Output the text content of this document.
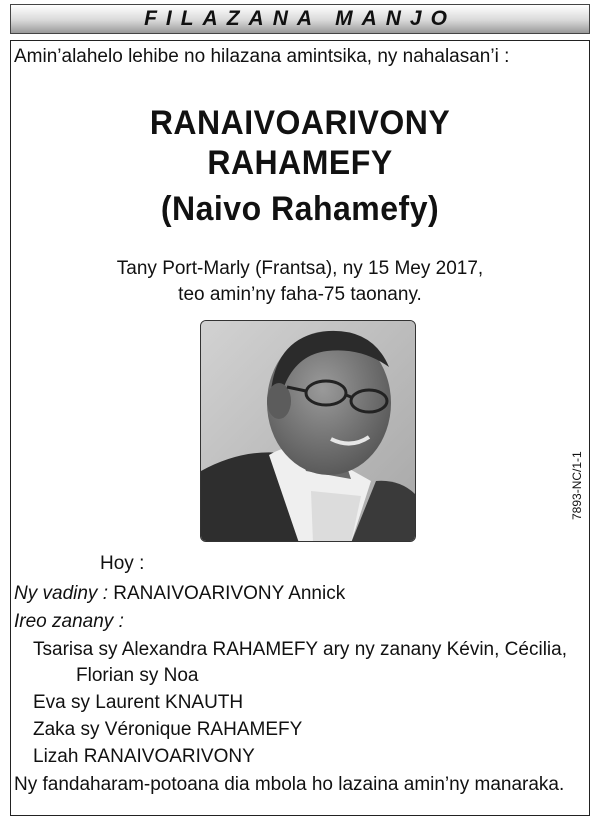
FILAZANA MANJO
Amin’alahelo lehibe no hilazana amintsika, ny nahalasan’i :
RANAIVOARIVONY
RAHAMEFY
(Naivo Rahamefy)
Tany Port-Marly (Frantsa), ny 15 Mey 2017,
teo amin’ny faha-75 taonany.
7893-NC/1-1
Hoy :
Ny vadiny : RANAIVOARIVONY Annick
Ireo zanany :
Tsarisa sy Alexandra RAHAMEFY ary ny zanany Kévin, Cécilia,
Florian sy Noa
Eva sy Laurent KNAUTH
Zaka sy Véronique RAHAMEFY
Lizah RANAIVOARIVONY
Ny fandaharam-potoana dia mbola ho lazaina amin’ny manaraka.
